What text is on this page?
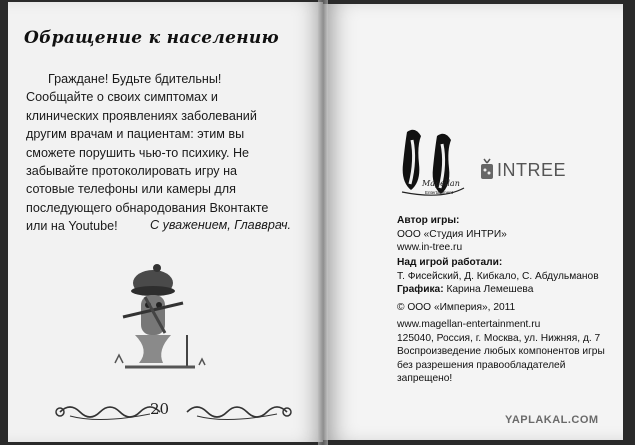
Обращение к населению
Граждане! Будьте бдительны! Сообщайте о своих симптомах и клинических проявлениях заболеваний другим врачам и пациентам: этим вы сможете порушить чью-то психику. Не забывайте протоколировать игру на сотовые телефоны или камеры для последующего обнародования Вконтакте или на Youtube!	С уважением, Главврач.
20
Magellan
Entertainment
INTREE
Автор игры:
ООО «Студия ИНТРИ»
www.in-tree.ru
Над игрой работали:
Т. Фисейский, Д. Кибкало, С. Абдульманов
Графика: Карина Лемешева
© ООО «Империя», 2011
www.magellan-entertainment.ru
125040, Россия, г. Москва, ул. Нижняя, д. 7
Воспроизведение любых компонентов игры
без разрешения правообладателей
запрещено!
YAPLAKAL.COM
